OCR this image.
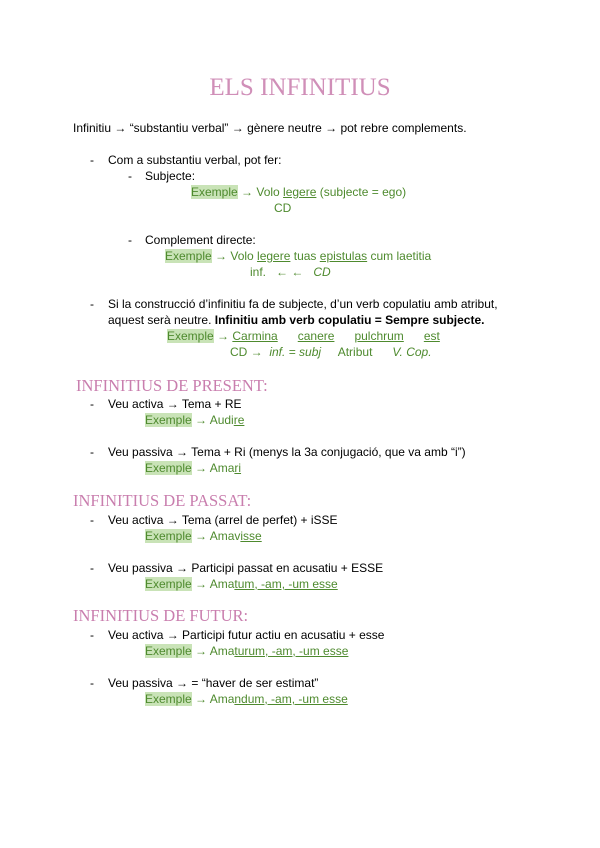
ELS INFINITIUS
Infinitiu → “substantiu verbal” → gènere neutre → pot rebre complements.
- Com a substantiu verbal, pot fer:
- Subjecte:
Exemple → Volo legere (subjecte = ego)
CD
- Complement directe:
Exemple → Volo legere tuas epistulas cum laetitia
inf. ← ← CD
- Si la construcció d’infinitiu fa de subjecte, d’un verb copulatiu amb atribut,
aquest serà neutre. Infinitiu amb verb copulatiu = Sempre subjecte.
Exemple → Carmina canere pulchrum est
CD → inf. = subj Atribut V. Cop.
INFINITIUS DE PRESENT:
- Veu activa → Tema + RE
Exemple → Audire
- Veu passiva → Tema + Ri (menys la 3a conjugació, que va amb “i”)
Exemple → Amari
INFINITIUS DE PASSAT:
- Veu activa → Tema (arrel de perfet) + iSSE
Exemple → Amavisse
- Veu passiva → Participi passat en acusatiu + ESSE
Exemple → Amatum, -am, -um esse
INFINITIUS DE FUTUR:
- Veu activa → Participi futur actiu en acusatiu + esse
Exemple → Amaturum, -am, -um esse
- Veu passiva → = “haver de ser estimat”
Exemple → Amandum, -am, -um esse
